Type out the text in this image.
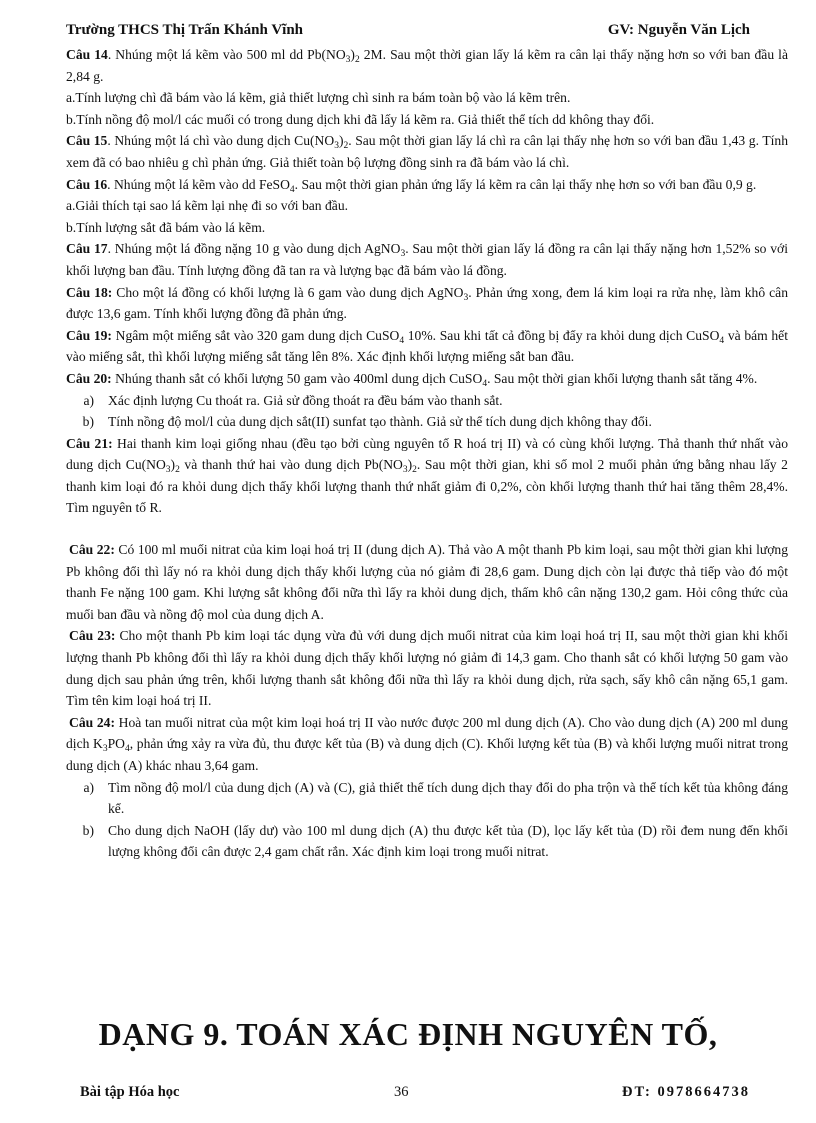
Trường THCS Thị Trấn Khánh Vĩnh	GV: Nguyễn Văn Lịch

Câu 14. Nhúng một lá kẽm vào 500 ml dd $Pb(NO_3)_2$ 2M. Sau một thời gian lấy lá kẽm ra cân lại thấy nặng hơn so với ban đầu là 2,84 g.

a.Tính lượng chì đã bám vào lá kẽm, giả thiết lượng chì sinh ra bám toàn bộ vào lá kẽm trên.

b.Tính nồng độ mol/l các muối có trong dung dịch khi đã lấy lá kẽm ra. Giả thiết thể tích dd không thay đổi.

Câu 15. Nhúng một lá chì vào dung dịch $Cu(NO_3)_2$. Sau một thời gian lấy lá chì ra cân lại thấy nhẹ hơn so với ban đầu 1,43 g. Tính xem đã có bao nhiêu g chì phản ứng. Giả thiết toàn bộ lượng đồng sinh ra đã bám vào lá chì.

Câu 16. Nhúng một lá kẽm vào dd FeSO$_4$. Sau một thời gian phản ứng lấy lá kẽm ra cân lại thấy nhẹ hơn so với ban đầu 0,9 g.

a.Giải thích tại sao lá kẽm lại nhẹ đi so với ban đầu.

b.Tính lượng sắt đã bám vào lá kẽm.

Câu 17. Nhúng một lá đồng nặng 10 g vào dung dịch AgNO$_3$. Sau một thời gian lấy lá đồng ra cân lại thấy nặng hơn 1,52% so với khối lượng ban đầu. Tính lượng đồng đã tan ra và lượng bạc đã bám vào lá đồng.

Câu 18: Cho một lá đồng có khối lượng là 6 gam vào dung dịch AgNO$_3$. Phản ứng xong, đem lá kim loại ra rửa nhẹ, làm khô cân được 13,6 gam. Tính khối lượng đồng đã phản ứng.

Câu 19: Ngâm một miếng sắt vào 320 gam dung dịch CuSO$_4$ 10%. Sau khi tất cả đồng bị đẩy ra khỏi dung dịch CuSO$_4$ và bám hết vào miếng sắt, thì khối lượng miếng sắt tăng lên 8%. Xác định khối lượng miếng sắt ban đầu.

Câu 20: Nhúng thanh sắt có khối lượng 50 gam vào 400ml dung dịch CuSO$_4$. Sau một thời gian khối lượng thanh sắt tăng 4%.

a)	Xác định lượng Cu thoát ra. Giả sử đồng thoát ra đều bám vào thanh sắt.
b)	Tính nồng độ mol/l của dung dịch sắt(II) sunfat tạo thành. Giả sử thể tích dung dịch không thay đổi.

Câu 21: Hai thanh kim loại giống nhau (đều tạo bởi cùng nguyên tố R hoá trị II) và có cùng khối lượng. Thả thanh thứ nhất vào dung dịch $Cu(NO_3)_2$ và thanh thứ hai vào dung dịch $Pb(NO_3)_2$. Sau một thời gian, khi số mol 2 muối phản ứng bằng nhau lấy 2 thanh kim loại đó ra khỏi dung dịch thấy khối lượng thanh thứ nhất giảm đi 0,2%, còn khối lượng thanh thứ hai tăng thêm 28,4%. Tìm nguyên tố R.

Câu 22: Có 100 ml muối nitrat của kim loại hoá trị II (dung dịch A). Thả vào A một thanh Pb kim loại, sau một thời gian khi lượng Pb không đổi thì lấy nó ra khỏi dung dịch thấy khối lượng của nó giảm đi 28,6 gam. Dung dịch còn lại được thả tiếp vào đó một thanh Fe nặng 100 gam. Khi lượng sắt không đổi nữa thì lấy ra khỏi dung dịch, thấm khô cân nặng 130,2 gam. Hỏi công thức của muối ban đầu và nồng độ mol của dung dịch A.

Câu 23: Cho một thanh Pb kim loại tác dụng vừa đủ với dung dịch muối nitrat của kim loại hoá trị II, sau một thời gian khi khối lượng thanh Pb không đổi thì lấy ra khỏi dung dịch thấy khối lượng nó giảm đi 14,3 gam. Cho thanh sắt có khối lượng 50 gam vào dung dịch sau phản ứng trên, khối lượng thanh sắt không đổi nữa thì lấy ra khỏi dung dịch, rửa sạch, sấy khô cân nặng 65,1 gam. Tìm tên kim loại hoá trị II.

Câu 24: Hoà tan muối nitrat của một kim loại hoá trị II vào nước được 200 ml dung dịch (A). Cho vào dung dịch (A) 200 ml dung dịch $K_3PO_4$, phản ứng xảy ra vừa đủ, thu được kết tủa (B) và dung dịch (C). Khối lượng kết tủa (B) và khối lượng muối nitrat trong dung dịch (A) khác nhau 3,64 gam.

a)	Tìm nồng độ mol/l của dung dịch (A) và (C), giả thiết thể tích dung dịch thay đổi do pha trộn và thể tích kết tủa không đáng kể.
b)	Cho dung dịch NaOH (lấy dư) vào 100 ml dung dịch (A) thu được kết tủa (D), lọc lấy kết tủa (D) rồi đem nung đến khối lượng không đổi cân được 2,4 gam chất rắn. Xác định kim loại trong muối nitrat.
DẠNG 9. TOÁN XÁC ĐỊNH NGUYÊN TỐ,
Bài tập Hóa học	36	ĐT: 0978664738
